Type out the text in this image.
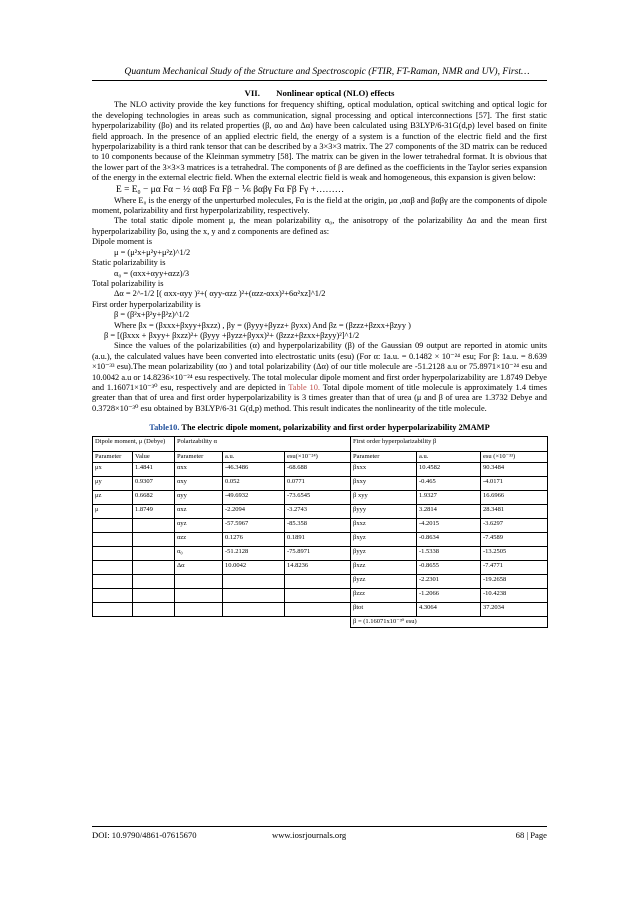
Quantum Mechanical Study of the Structure and Spectroscopic (FTIR, FT-Raman, NMR and UV), First…
VII. Nonlinear optical (NLO) effects

The NLO activity provide the key functions for frequency shifting, optical modulation, optical switching and optical logic for the developing technologies in areas such as communication, signal processing and optical interconnections [57]. The first static hyperpolarizability (βo) and its related properties (β, αo and Δα) have been calculated using B3LYP/6-31G(d,p) level based on finite field approach. In the presence of an applied electric field, the energy of a system is a function of the electric field and the first hyperpolarizability is a third rank tensor that can be described by a 3×3×3 matrix. The 27 components of the 3D matrix can be reduced to 10 components because of the Kleinman symmetry [58]. The matrix can be given in the lower tetrahedral format. It is obvious that the lower part of the 3×3×3 matrices is a tetrahedral. The components of β are defined as the coefficients in the Taylor series expansion of the energy in the external electric field. When the external electric field is weak and homogeneous, this expansion is given below:

E = E₀ − μα Fα − ½ ααβ Fα Fβ − ⅙ βαβγ Fα Fβ Fγ +………

Where E₀ is the energy of the unperturbed molecules, Fα is the field at the origin, μα ,ααβ and βαβγ are the components of dipole moment, polarizability and first hyperpolarizability, respectively.

The total static dipole moment μ, the mean polarizability α₀, the anisotropy of the polarizability Δα and the mean first hyperpolarizability βo, using the x, y and z components are defined as:

Dipole moment is
μ = (μ²x+μ²y+μ²z)^1/2
Static polarizability is
α₀ = (αxx+αyy+αzz)/3
Total polarizability is
Δα = 2^-1/2 [( αxx-αyy )²+( αyy-αzz )²+(αzz-αxx)²+6α²xz]^1/2
First order hyperpolarizability is
β = (β²x+β²y+β²z)^1/2
Where βx = (βxxx+βxyy+βxzz) , βy = (βyyy+βyzz+ βyxx) And βz = (βzzz+βzxx+βzyy )
β = [(βxxx + βxyy+ βxzz)²+ (βyyy +βyzz+βyxx)²+ (βzzz+βzxx+βzyy)²]^1/2

Since the values of the polarizabilities (α) and hyperpolarizability (β) of the Gaussian 09 output are reported in atomic units (a.u.), the calculated values have been converted into electrostatic units (esu) (For α: 1a.u. = 0.1482 × 10⁻²⁴ esu; For β: 1a.u. = 8.639 ×10⁻³³ esu).The mean polarizability (αo ) and total polarizability (Δα) of our title molecule are -51.2128 a.u or 75.8971×10⁻²⁴ esu and 10.0042 a.u or 14.8236×10⁻²⁴ esu respectively. The total molecular dipole moment and first order hyperpolarizability are 1.8749 Debye and 1.16071×10⁻³⁰ esu, respectively and are depicted in Table 10. Total dipole moment of title molecule is approximately 1.4 times greater than that of urea and first order hyperpolarizability is 3 times greater than that of urea (μ and β of urea are 1.3732 Debye and 0.3728×10⁻³⁰ esu obtained by B3LYP/6-31 G(d,p) method. This result indicates the nonlinearity of the title molecule.

Table10. The electric dipole moment, polarizability and first order hyperpolarizability 2MAMP
Dipole moment, μ (Debye)		Polarizability α			First order hyperpolarizability β		
Parameter	Value	Parameter	a.u.	esu(×10⁻²⁴)	Parameter	a.u.	esu (×10⁻³³)
μx	1.4841	αxx	-46.3486	-68.688	βxxx	10.4582	90.3484
μy	0.9307	αxy	0.052	0.0771	βxxy	-0.465	-4.0171
μz	0.6682	αyy	-49.6932	-73.6545	β xyy	1.9327	16.6966
μ	1.8749	αxz	-2.2094	-3.2743	βyyy	3.2814	28.3481
		αyz	-57.5967	-85.358	βxxz	-4.2015	-3.6297
		αzz	0.1276	0.1891	βxyz	-0.8634	-7.4589
		α₀	-51.2128	-75.8971	βyyz	-1.5338	-13.2505
		Δα	10.0042	14.8236	βxzz	-0.8655	-7.4771
					βyzz	-2.2301	-19.2658
					βzzz	-1.2066	-10.4238
					βtot	4.3064	37.2034
					β = (1.16071x10⁻³⁰ esu)		
DOI: 10.9790/4861-07615670	www.iosrjournals.org	68 | Page
